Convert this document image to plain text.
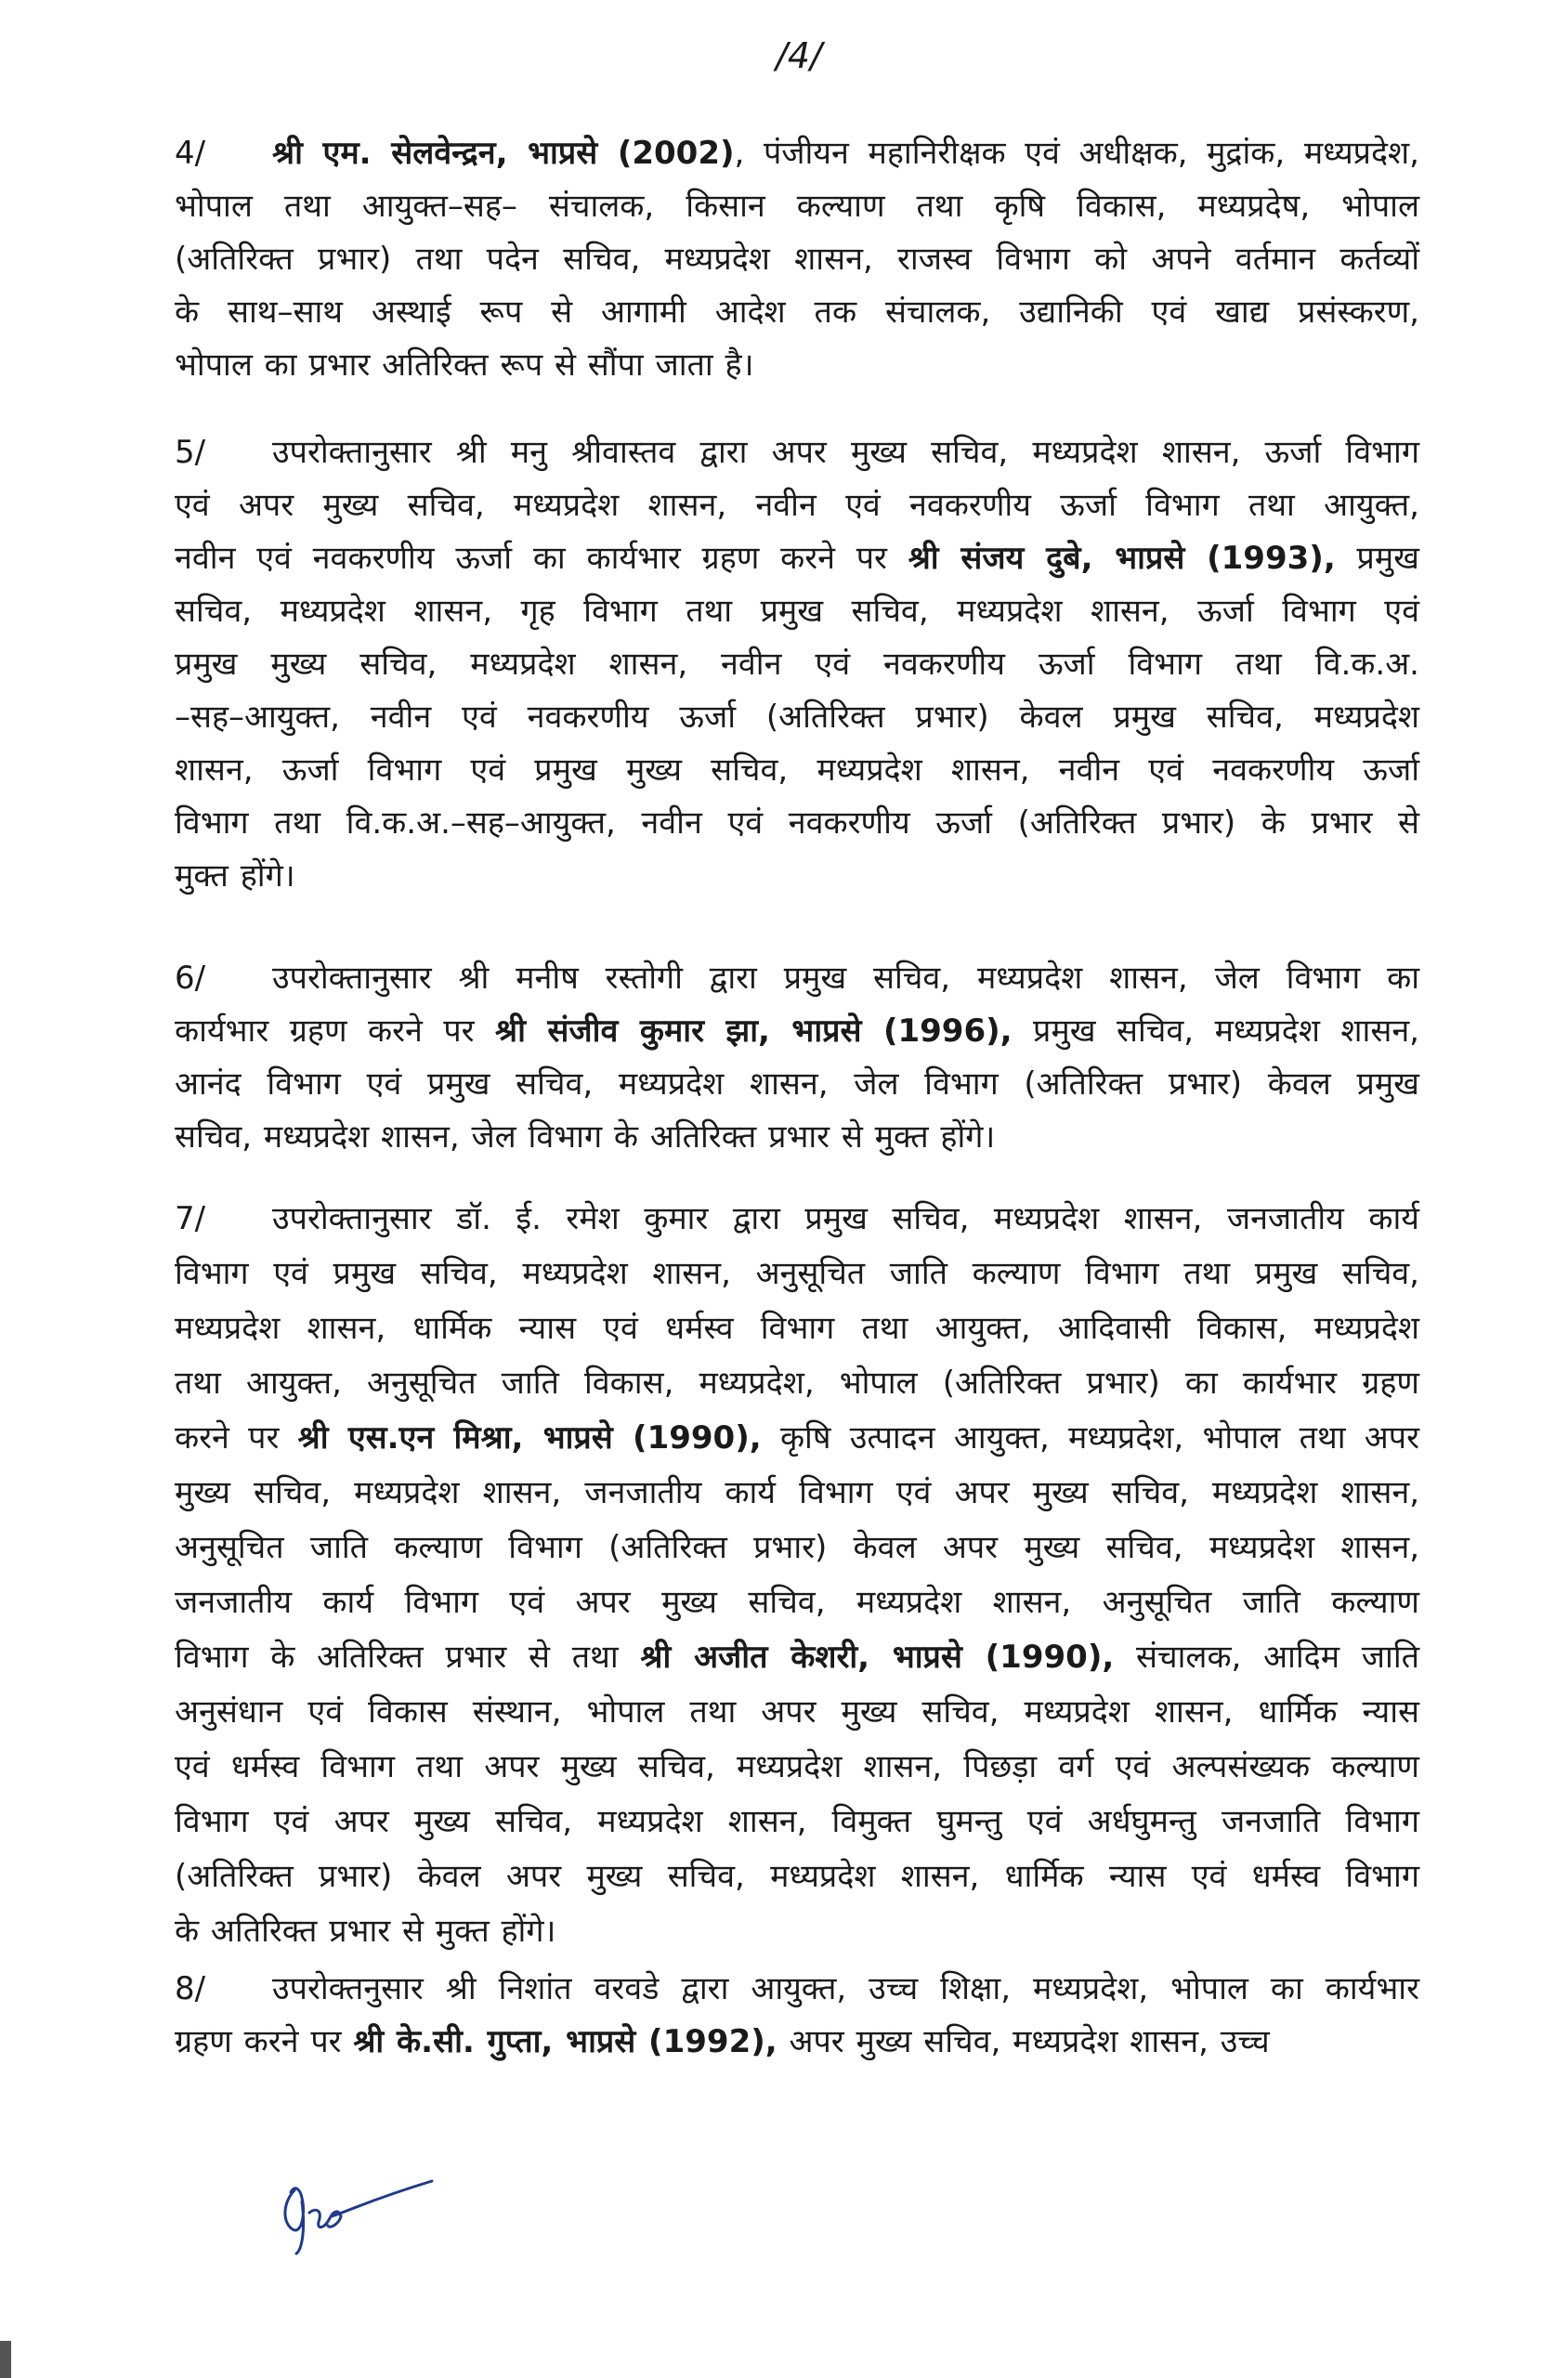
/4/
4/ श्री एम. सेलवेन्द्रन, भाप्रसे (2002), पंजीयन महानिरीक्षक एवं अधीक्षक, मुद्रांक, मध्यप्रदेश,
भोपाल तथा आयुक्त–सह– संचालक, किसान कल्याण तथा कृषि विकास, मध्यप्रदेष, भोपाल
(अतिरिक्त प्रभार) तथा पदेन सचिव, मध्यप्रदेश शासन, राजस्व विभाग को अपने वर्तमान कर्तव्यों
के साथ–साथ अस्थाई रूप से आगामी आदेश तक संचालक, उद्यानिकी एवं खाद्य प्रसंस्करण,
भोपाल का प्रभार अतिरिक्त रूप से सौंपा जाता है।
5/ उपरोक्तानुसार श्री मनु श्रीवास्तव द्वारा अपर मुख्य सचिव, मध्यप्रदेश शासन, ऊर्जा विभाग
एवं अपर मुख्य सचिव, मध्यप्रदेश शासन, नवीन एवं नवकरणीय ऊर्जा विभाग तथा आयुक्त,
नवीन एवं नवकरणीय ऊर्जा का कार्यभार ग्रहण करने पर श्री संजय दुबे, भाप्रसे (1993), प्रमुख
सचिव, मध्यप्रदेश शासन, गृह विभाग तथा प्रमुख सचिव, मध्यप्रदेश शासन, ऊर्जा विभाग एवं
प्रमुख मुख्य सचिव, मध्यप्रदेश शासन, नवीन एवं नवकरणीय ऊर्जा विभाग तथा वि.क.अ.
–सह–आयुक्त, नवीन एवं नवकरणीय ऊर्जा (अतिरिक्त प्रभार) केवल प्रमुख सचिव, मध्यप्रदेश
शासन, ऊर्जा विभाग एवं प्रमुख मुख्य सचिव, मध्यप्रदेश शासन, नवीन एवं नवकरणीय ऊर्जा
विभाग तथा वि.क.अ.–सह–आयुक्त, नवीन एवं नवकरणीय ऊर्जा (अतिरिक्त प्रभार) के प्रभार से
मुक्त होंगे।
6/ उपरोक्तानुसार श्री मनीष रस्तोगी द्वारा प्रमुख सचिव, मध्यप्रदेश शासन, जेल विभाग का
कार्यभार ग्रहण करने पर श्री संजीव कुमार झा, भाप्रसे (1996), प्रमुख सचिव, मध्यप्रदेश शासन,
आनंद विभाग एवं प्रमुख सचिव, मध्यप्रदेश शासन, जेल विभाग (अतिरिक्त प्रभार) केवल प्रमुख
सचिव, मध्यप्रदेश शासन, जेल विभाग के अतिरिक्त प्रभार से मुक्त होंगे।
7/ उपरोक्तानुसार डॉ. ई. रमेश कुमार द्वारा प्रमुख सचिव, मध्यप्रदेश शासन, जनजातीय कार्य
विभाग एवं प्रमुख सचिव, मध्यप्रदेश शासन, अनुसूचित जाति कल्याण विभाग तथा प्रमुख सचिव,
मध्यप्रदेश शासन, धार्मिक न्यास एवं धर्मस्व विभाग तथा आयुक्त, आदिवासी विकास, मध्यप्रदेश
तथा आयुक्त, अनुसूचित जाति विकास, मध्यप्रदेश, भोपाल (अतिरिक्त प्रभार) का कार्यभार ग्रहण
करने पर श्री एस.एन मिश्रा, भाप्रसे (1990), कृषि उत्पादन आयुक्त, मध्यप्रदेश, भोपाल तथा अपर
मुख्य सचिव, मध्यप्रदेश शासन, जनजातीय कार्य विभाग एवं अपर मुख्य सचिव, मध्यप्रदेश शासन,
अनुसूचित जाति कल्याण विभाग (अतिरिक्त प्रभार) केवल अपर मुख्य सचिव, मध्यप्रदेश शासन,
जनजातीय कार्य विभाग एवं अपर मुख्य सचिव, मध्यप्रदेश शासन, अनुसूचित जाति कल्याण
विभाग के अतिरिक्त प्रभार से तथा श्री अजीत केशरी, भाप्रसे (1990), संचालक, आदिम जाति
अनुसंधान एवं विकास संस्थान, भोपाल तथा अपर मुख्य सचिव, मध्यप्रदेश शासन, धार्मिक न्यास
एवं धर्मस्व विभाग तथा अपर मुख्य सचिव, मध्यप्रदेश शासन, पिछड़ा वर्ग एवं अल्पसंख्यक कल्याण
विभाग एवं अपर मुख्य सचिव, मध्यप्रदेश शासन, विमुक्त घुमन्तु एवं अर्धघुमन्तु जनजाति विभाग
(अतिरिक्त प्रभार) केवल अपर मुख्य सचिव, मध्यप्रदेश शासन, धार्मिक न्यास एवं धर्मस्व विभाग
के अतिरिक्त प्रभार से मुक्त होंगे।
8/ उपरोक्तनुसार श्री निशांत वरवडे द्वारा आयुक्त, उच्च शिक्षा, मध्यप्रदेश, भोपाल का कार्यभार
ग्रहण करने पर श्री के.सी. गुप्ता, भाप्रसे (1992), अपर मुख्य सचिव, मध्यप्रदेश शासन, उच्च
